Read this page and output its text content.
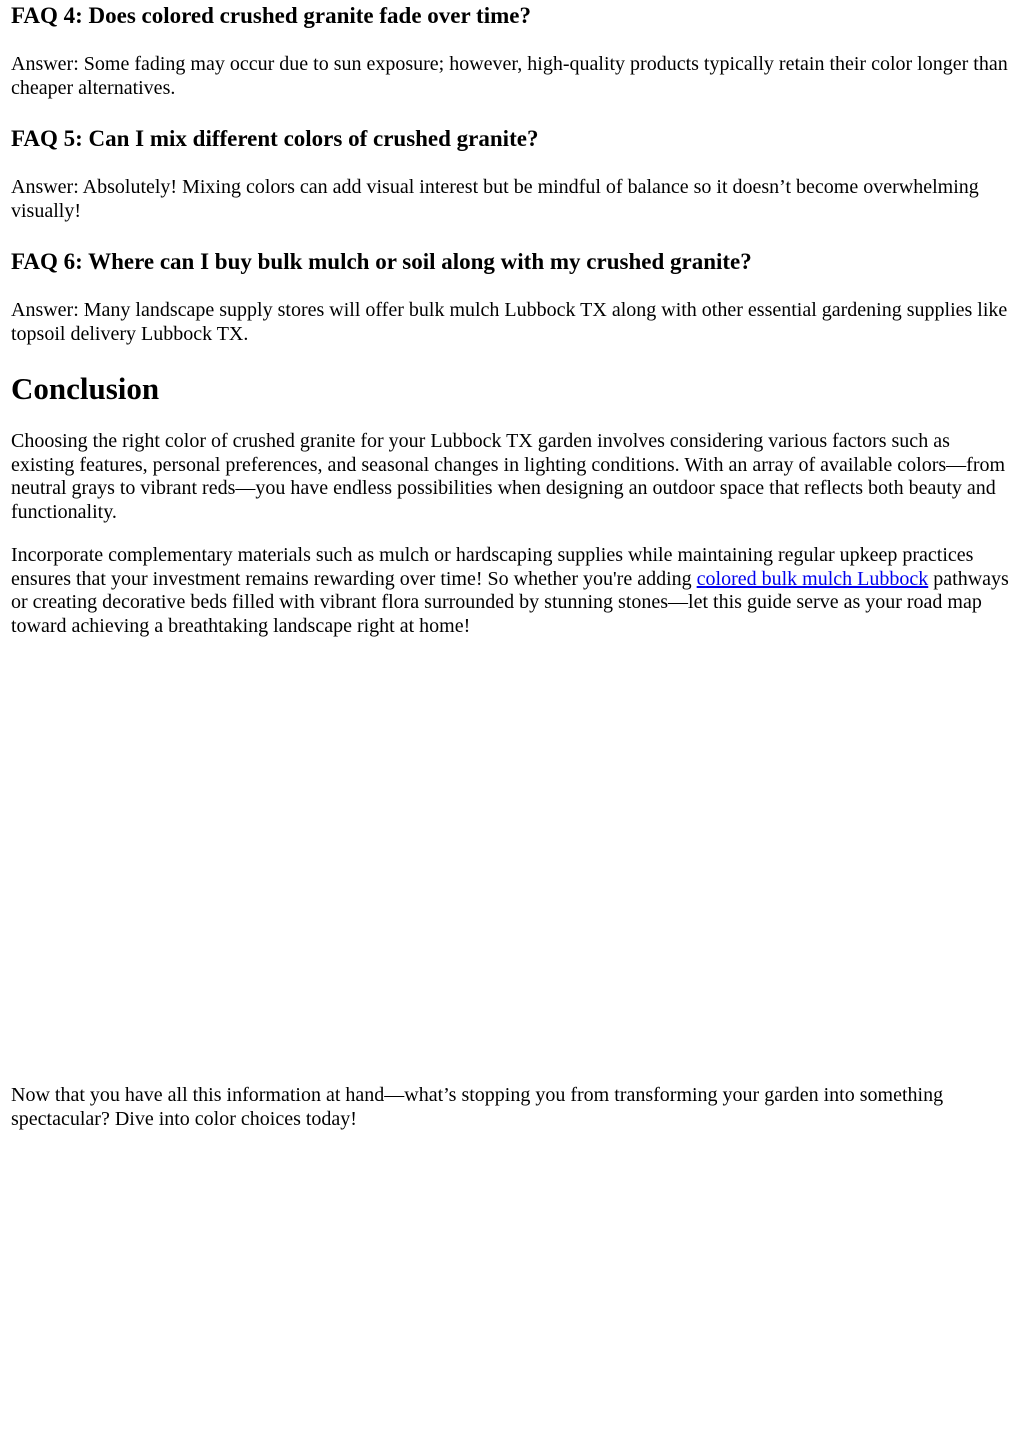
FAQ 4: Does colored crushed granite fade over time?

Answer: Some fading may occur due to sun exposure; however, high-quality products typically retain their color longer than cheaper alternatives.

FAQ 5: Can I mix different colors of crushed granite?

Answer: Absolutely! Mixing colors can add visual interest but be mindful of balance so it doesn’t become overwhelming visually!

FAQ 6: Where can I buy bulk mulch or soil along with my crushed granite?

Answer: Many landscape supply stores will offer bulk mulch Lubbock TX along with other essential gardening supplies like topsoil delivery Lubbock TX.

Conclusion

Choosing the right color of crushed granite for your Lubbock TX garden involves considering various factors such as existing features, personal preferences, and seasonal changes in lighting conditions. With an array of available colors—from neutral grays to vibrant reds—you have endless possibilities when designing an outdoor space that reflects both beauty and functionality.

Incorporate complementary materials such as mulch or hardscaping supplies while maintaining regular upkeep practices ensures that your investment remains rewarding over time! So whether you're adding colored bulk mulch Lubbock pathways or creating decorative beds filled with vibrant flora surrounded by stunning stones—let this guide serve as your road map toward achieving a breathtaking landscape right at home!

Now that you have all this information at hand—what’s stopping you from transforming your garden into something spectacular? Dive into color choices today!
